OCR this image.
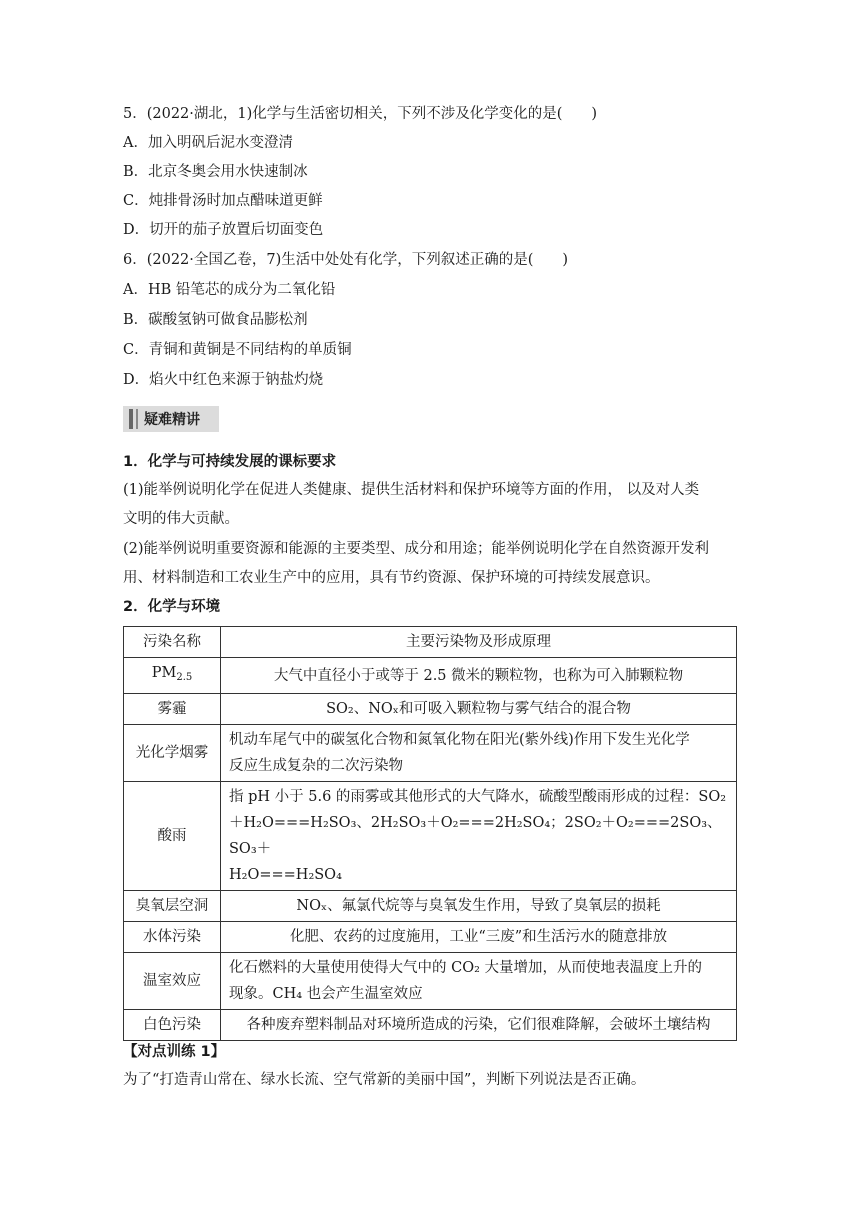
5．(2022·湖北，1)化学与生活密切相关，下列不涉及化学变化的是(　　)
A．加入明矾后泥水变澄清
B．北京冬奥会用水快速制冰
C．炖排骨汤时加点醋味道更鲜
D．切开的茄子放置后切面变色
6．(2022·全国乙卷，7)生活中处处有化学，下列叙述正确的是(　　)
A．HB 铅笔芯的成分为二氧化铅
B．碳酸氢钠可做食品膨松剂
C．青铜和黄铜是不同结构的单质铜
D．焰火中红色来源于钠盐灼烧
疑难精讲
1．化学与可持续发展的课标要求
(1)能举例说明化学在促进人类健康、提供生活材料和保护环境等方面的作用， 以及对人类
文明的伟大贡献。
(2)能举例说明重要资源和能源的主要类型、成分和用途；能举例说明化学在自然资源开发利
用、材料制造和工农业生产中的应用，具有节约资源、保护环境的可持续发展意识。
2．化学与环境
污染名称	主要污染物及形成原理
$PM_{2.5}$	大气中直径小于或等于 2.5 微米的颗粒物，也称为可入肺颗粒物
雾霾	SO₂、NOₓ和可吸入颗粒物与雾气结合的混合物
光化学烟雾	机动车尾气中的碳氢化合物和氮氧化物在阳光(紫外线)作用下发生光化学
反应生成复杂的二次污染物

酸雨	指 pH 小于 5.6 的雨雾或其他形式的大气降水，硫酸型酸雨形成的过程：SO₂
＋H₂O===H₂SO₃、2H₂SO₃＋O₂===2H₂SO₄；2SO₂＋O₂===2SO₃、SO₃＋
H₂O===H₂SO₄

臭氧层空洞	NOₓ、氟氯代烷等与臭氧发生作用，导致了臭氧层的损耗
水体污染	化肥、农药的过度施用，工业“三废”和生活污水的随意排放
温室效应	化石燃料的大量使用使得大气中的 CO₂ 大量增加，从而使地表温度上升的
现象。CH₄ 也会产生温室效应

白色污染	各种废弃塑料制品对环境所造成的污染，它们很难降解，会破坏土壤结构
【对点训练 1】
为了“打造青山常在、绿水长流、空气常新的美丽中国”，判断下列说法是否正确。
